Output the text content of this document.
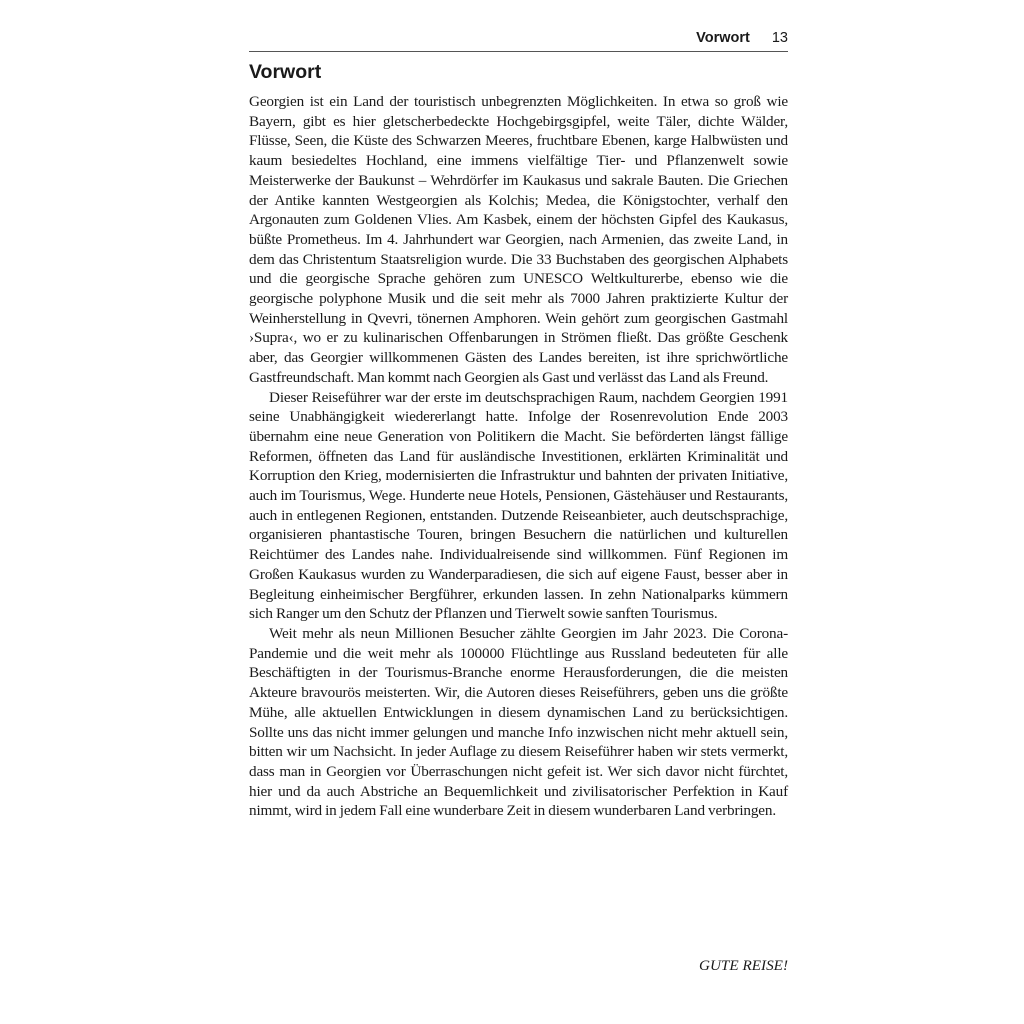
Vorwort 13
Vorwort

Georgien ist ein Land der touristisch unbegrenzten Möglichkeiten. In etwa so groß wie Bayern, gibt es hier gletscherbedeckte Hochgebirgsgipfel, weite Täler, dichte Wälder, Flüsse, Seen, die Küste des Schwarzen Meeres, fruchtbare Ebenen, karge Halbwüsten und kaum besiedeltes Hochland, eine immens vielfältige Tier- und Pflanzenwelt sowie Meisterwerke der Baukunst – Wehrdörfer im Kaukasus und sakrale Bauten. Die Griechen der Antike kannten Westgeorgien als Kolchis; Medea, die Königstochter, verhalf den Argonauten zum Goldenen Vlies. Am Kasbek, einem der höchsten Gipfel des Kaukasus, büßte Prometheus. Im 4. Jahrhundert war Georgien, nach Armenien, das zweite Land, in dem das Christentum Staatsreligion wurde. Die 33 Buchstaben des georgischen Alphabets und die georgische Sprache gehören zum UNESCO Weltkulturerbe, ebenso wie die georgische polyphone Musik und die seit mehr als 7000 Jahren praktizierte Kultur der Weinherstellung in Qvevri, tönernen Amphoren. Wein gehört zum georgischen Gastmahl ›Supra‹, wo er zu kulinarischen Offenbarungen in Strömen fließt. Das größte Geschenk aber, das Georgier willkommenen Gästen des Landes bereiten, ist ihre sprichwörtliche Gastfreundschaft. Man kommt nach Georgien als Gast und verlässt das Land als Freund.

Dieser Reiseführer war der erste im deutschsprachigen Raum, nachdem Georgien 1991 seine Unabhängigkeit wiedererlangt hatte. Infolge der Rosenrevolution Ende 2003 übernahm eine neue Generation von Politikern die Macht. Sie beförderten längst fällige Reformen, öffneten das Land für ausländische Investitionen, erklärten Kriminalität und Korruption den Krieg, modernisierten die Infrastruktur und bahnten der privaten Initiative, auch im Tourismus, Wege. Hunderte neue Hotels, Pensionen, Gästehäuser und Restaurants, auch in entlegenen Regionen, entstanden. Dutzende Reiseanbieter, auch deutschsprachige, organisieren phantastische Touren, bringen Besuchern die natürlichen und kulturellen Reichtümer des Landes nahe. Individualreisende sind willkommen. Fünf Regionen im Großen Kaukasus wurden zu Wanderparadiesen, die sich auf eigene Faust, besser aber in Begleitung einheimischer Bergführer, erkunden lassen. In zehn Nationalparks kümmern sich Ranger um den Schutz der Pflanzen und Tierwelt sowie sanften Tourismus.

Weit mehr als neun Millionen Besucher zählte Georgien im Jahr 2023. Die Corona-Pandemie und die weit mehr als 100000 Flüchtlinge aus Russland bedeuteten für alle Beschäftigten in der Tourismus-Branche enorme Herausforderungen, die die meisten Akteure bravourös meisterten. Wir, die Autoren dieses Reiseführers, geben uns die größte Mühe, alle aktuellen Entwicklungen in diesem dynamischen Land zu berücksichtigen. Sollte uns das nicht immer gelungen und manche Info inzwischen nicht mehr aktuell sein, bitten wir um Nachsicht. In jeder Auflage zu diesem Reiseführer haben wir stets vermerkt, dass man in Georgien vor Überraschungen nicht gefeit ist. Wer sich davor nicht fürchtet, hier und da auch Abstriche an Bequemlichkeit und zivilisatorischer Perfektion in Kauf nimmt, wird in jedem Fall eine wunderbare Zeit in diesem wunderbaren Land verbringen.

GUTE REISE!
